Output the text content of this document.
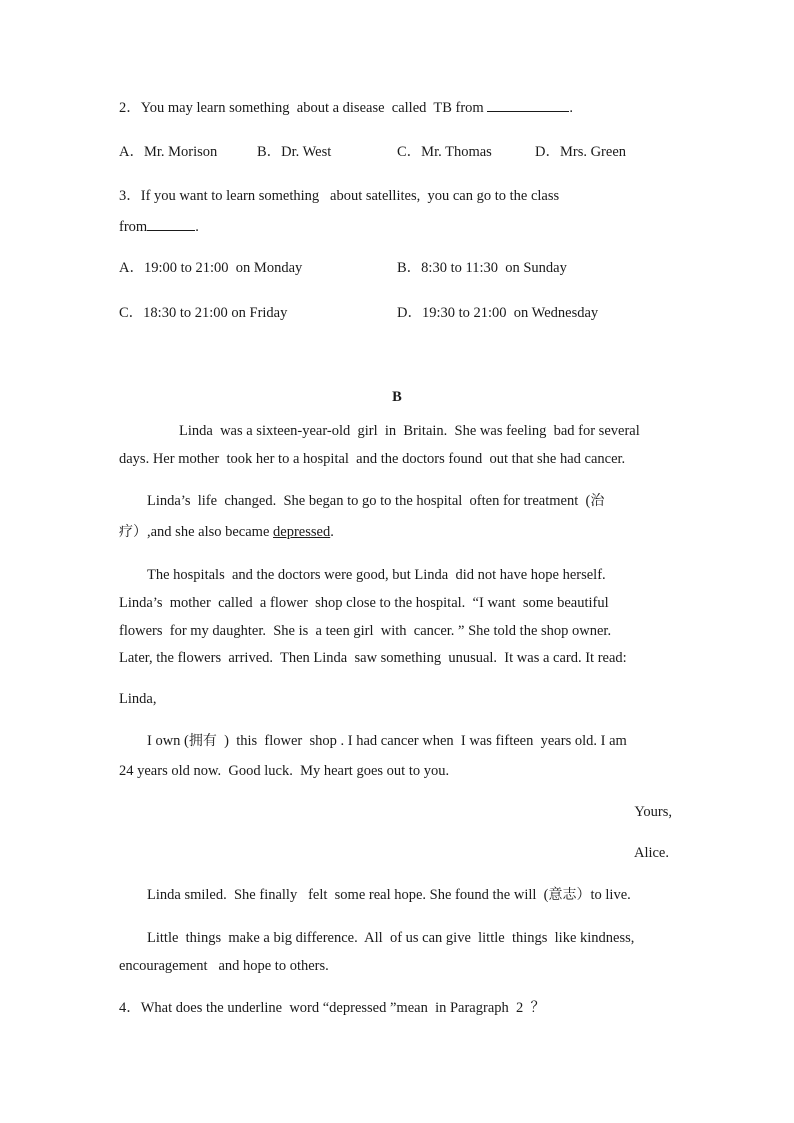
2．You may learn something  about a disease  called  TB from	.
A．Mr. Morison	B．Dr. West	C．Mr. Thomas	D．Mrs. Green
3．If you want to learn something   about satellites,  you can go to the class
from	.
A．19:00 to 21:00  on Monday	B．8:30 to 11:30  on Sunday
C．18:30 to 21:00 on Friday	D．19:30 to 21:00  on Wednesday
B
Linda  was a sixteen-year-old  girl  in  Britain.  She was feeling  bad for several
days. Her mother  took her to a hospital  and the doctors found  out that she had cancer.
Linda’s  life  changed.  She began to go to the hospital  often for treatment  (治
疗）,and she also became depressed.
The hospitals  and the doctors were good, but Linda  did not have hope herself.
Linda’s  mother  called  a flower  shop close to the hospital.  “I want  some beautiful
flowers  for my daughter.  She is  a teen girl  with  cancer. ” She told the shop owner.
Later, the flowers  arrived.  Then Linda  saw something  unusual.  It was a card. It read:
Linda,
I own (拥有  )  this  flower  shop . I had cancer when  I was fifteen  years old. I am
24 years old now.  Good luck.  My heart goes out to you.
Yours,
Alice.
Linda smiled.  She finally   felt  some real hope. She found the will  (意志）to live.
Little  things  make a big difference.  All  of us can give  little  things  like kindness,
encouragement   and hope to others.
4．What does the underline  word “depressed ”mean  in Paragraph  2  ？
